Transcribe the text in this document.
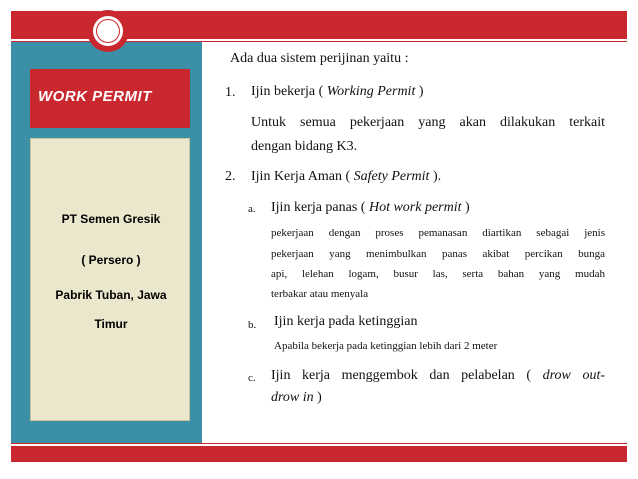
WORK PERMIT
PT Semen Gresik
( Persero )
Pabrik Tuban, Jawa
Timur
Ada dua sistem perijinan yaitu :
1. Ijin bekerja ( Working Permit )
Untuk semua pekerjaan yang akan dilakukan terkait
dengan bidang K3.
2. Ijin Kerja Aman ( Safety Permit ).
a. Ijin kerja panas ( Hot work permit )
pekerjaan dengan proses pemanasan diartikan sebagai jenis
pekerjaan yang menimbulkan panas akibat percikan bunga
api, lelehan logam, busur las, serta bahan yang mudah
terbakar atau menyala
b. Ijin kerja pada ketinggian
Apabila bekerja pada ketinggian lebih dari 2 meter
c. Ijin kerja menggembok dan pelabelan ( drow out-
drow in )
